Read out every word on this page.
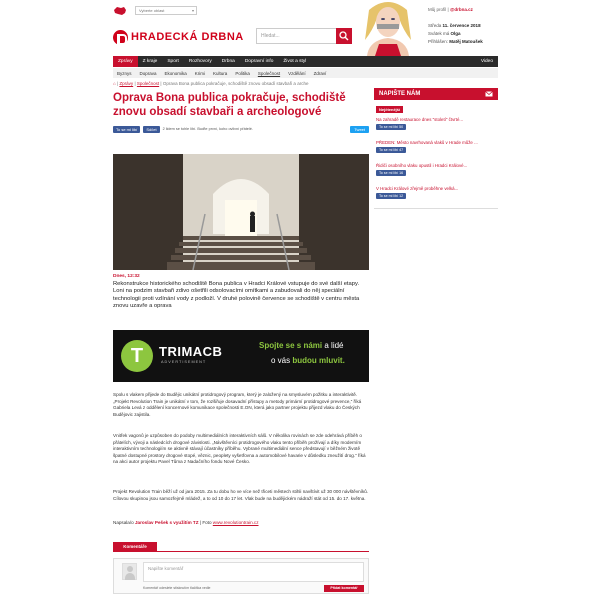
Vyberte oblast	▾	Můj profil | @drbna.cz
HRADECKÁ DRBNA	Hledat...
Středa 11. července 2018
Svátek má Olga
Přihlášen: Matěj Matoušek
Zprávy	Z kraje	Sport	Rozhovory	Drbna	Dopravní info	Život a styl	Video
Byznys	Doprava	Ekonomika	Krimi	Kultura	Politika	Společnost	Vzdělání	Zdraví
⌂ | Zprávy | Společnost | Oprava Bona publica pokračuje, schodiště znovu obsadí stavbaři a arche
Oprava Bona publica pokračuje, schodiště znovu obsadí stavbaři a archeologové
To se mi líbí	Sdílet	2 lidem se tohle líbí. Buďte první, koho ovlivní přátelé.	Tweet
Dnes, 12:32

Rekonstrukce historického schodiště Bona publica v Hradci Králové vstupuje do své další etapy. Loni na podzim stavbaři zdivo ošetřili odsolovacími omítkami a zabudovali do něj speciální technologii proti vzlínání vody z podloží. V druhé polovině července se schodiště v centru města znovu uzavře a oprava

T	TRIMACB
ADVERTISEMENT
Spojte se s námi a lidé
o vás budou mluvit.

Spolu s vlakem přijede do Budějic unikátní protidrogový program, který je založený na smysluvém požitku a interaktivitě. „Projekt Revolution Train je unikátní v tom, že rozšiřuje dosavadní přístupy a metody primární protidrogové prevence,“ říká Gabriela Levá z oddělení koncernové komunikace společnosti E.ON, která jako partner projektu přijezd vlaku do Českých Budějovic zajistila.

Vnitřek vagonů je uzpůsoben do podoby multimediálních interaktivních sálů. V několika rovinách se zde odehrává příběh o přátelích, vývoji a následcích drogové závislosti. „Návštěvníci protidrogového vlaku tento příběh prožívají a díky moderním interaktivním technologiím se aktivně stávají účastníky příběhu. Vybrané multimediální sence představují v běžném životě špatné dostupné prostory drogové stopé, věznic, peoplety vyšetřovna a automobilové havarie v důsledku zneužití drog.“ říká na akci autor projektu Pavel Tůma z Nadačního fondu Nové Česko.

Projekt Revolution Train běží už od jara 2015. Za tu dobu ho ve více než třiceti městech stihli navštívit už 30 000 návštěvníků. Cílovou skupinou jsou samozřejmě mládež, a to od 10 do 17 let. Vlak bude na budějickém nádraží stát od 15. do 17. května.

Napsala/o Jaroslav Pešek s využitím TZ | Foto www.revolutiontrain.cz
Komentáře
Napište komentář
Komentář odeslete stisknutím tlačítka vedle	Přidat komentář
NAPIŠTE NÁM
Nejčtenější
Na zahradě restaurace dnes "století" čtvrté...
To se mi líbí 50
PŘEDEN: Město navrhovaná vlaků v Hrade může ...
To se mi líbí 47
Řidiči osobního vlaku opustil i Hradci Králové...
To se mi líbí 16
V Hradci Králové zřejmě proběhne velká...
To se mi líbí 12
